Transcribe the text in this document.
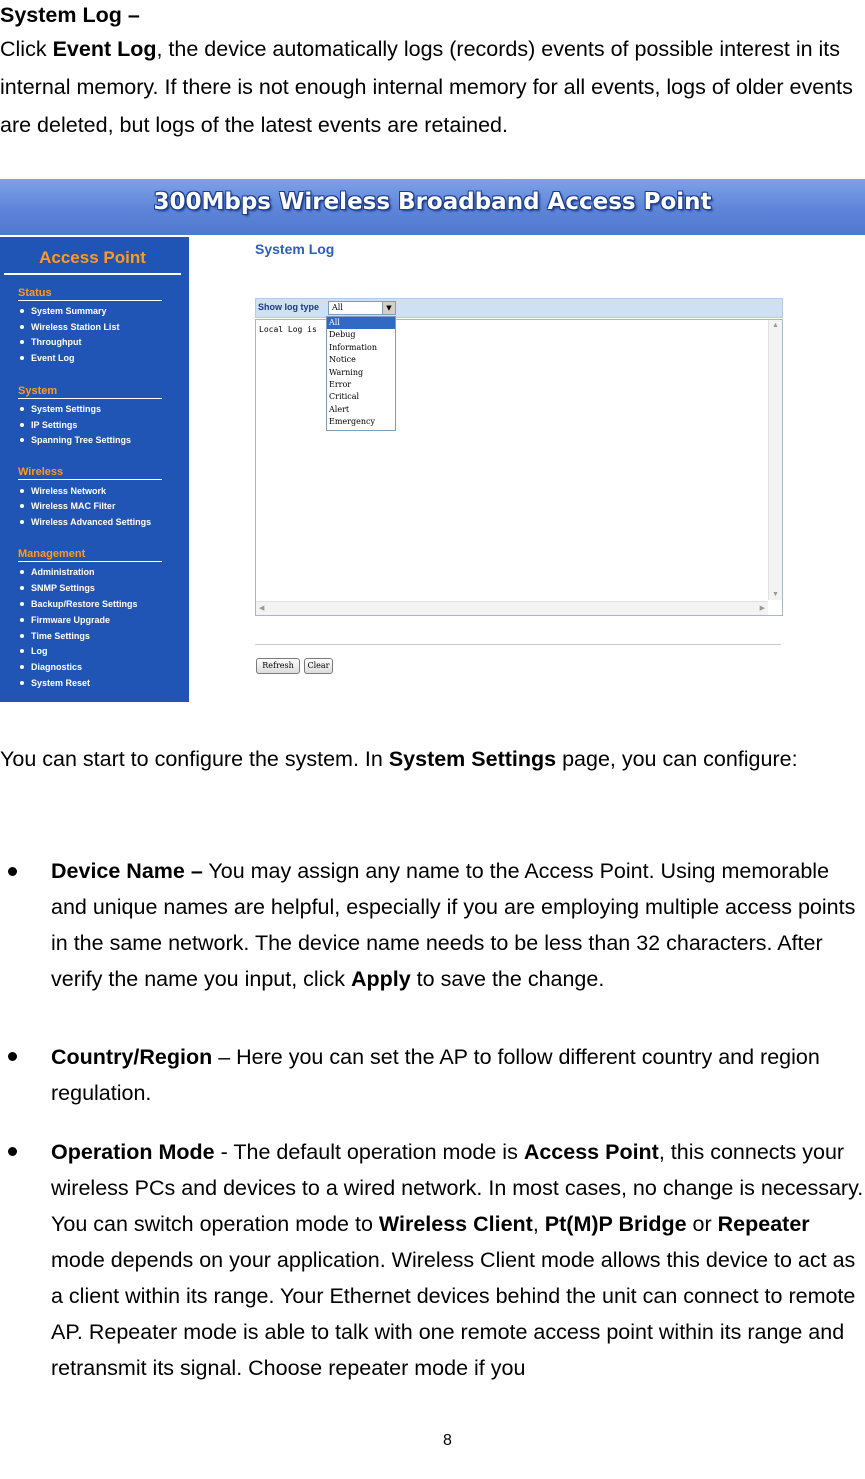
System Log –

Click Event Log, the device automatically logs (records) events of possible interest in its internal memory. If there is not enough internal memory for all events, logs of older events are deleted, but logs of the latest events are retained.

300Mbps Wireless Broadband Access Point
Access Point
Status
System Summary
Wireless Station List
Throughput
Event Log
System
System Settings
IP Settings
Spanning Tree Settings
Wireless
Wireless Network
Wireless MAC Filter
Wireless Advanced Settings
Management
Administration
SNMP Settings
Backup/Restore Settings
Firmware Upgrade
Time Settings
Log
Diagnostics
System Reset
System Log
Show log type	All	▼
Local Log is	▲
▼
◀	▶
All
Debug
Information
Notice
Warning
Error
Critical
Alert
Emergency
Refresh	Clear

You can start to configure the system. In System Settings page, you can configure:

Device Name – You may assign any name to the Access Point. Using memorable and unique names are helpful, especially if you are employing multiple access points in the same network. The device name needs to be less than 32 characters. After verify the name you input, click Apply to save the change.

Country/Region – Here you can set the AP to follow different country and region regulation.

Operation Mode - The default operation mode is Access Point, this connects your wireless PCs and devices to a wired network. In most cases, no change is necessary. You can switch operation mode to Wireless Client, Pt(M)P Bridge or Repeater mode depends on your application. Wireless Client mode allows this device to act as a client within its range. Your Ethernet devices behind the unit can connect to remote AP. Repeater mode is able to talk with one remote access point within its range and retransmit its signal. Choose repeater mode if you

8
